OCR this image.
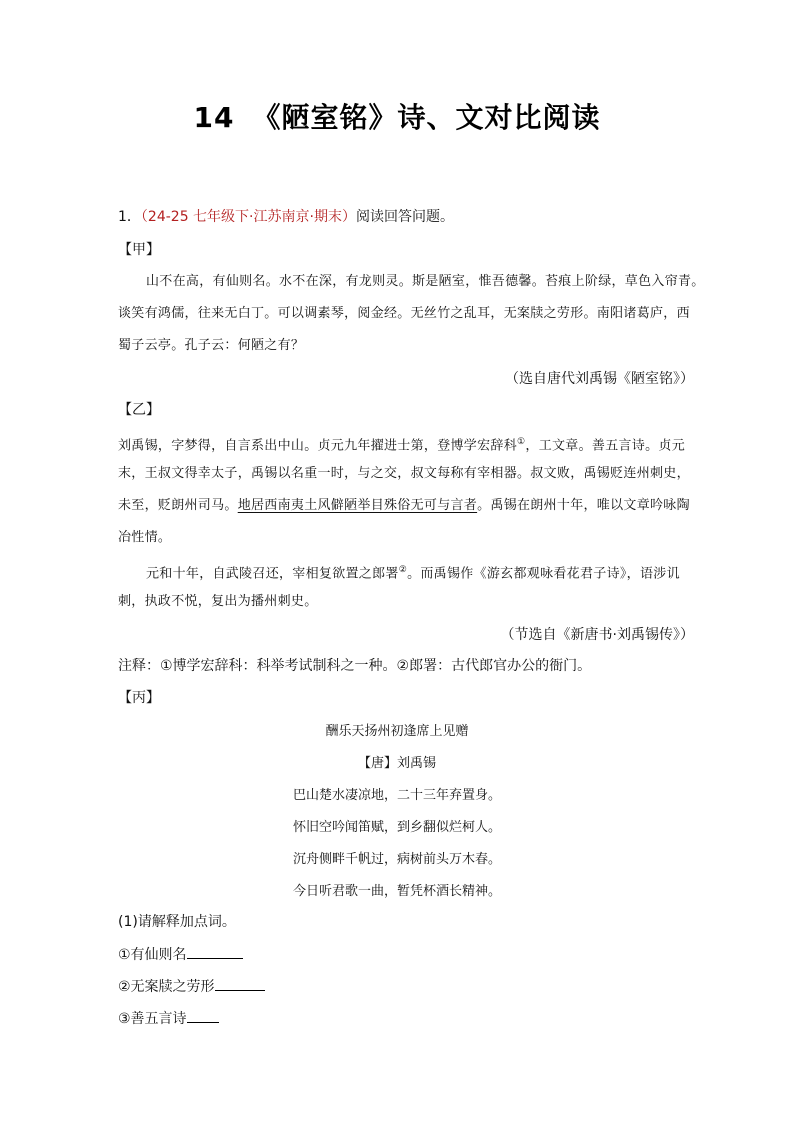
14 《陋室铭》诗、文对比阅读
1．（24-25 七年级下·江苏南京·期末）阅读回答问题。
【甲】
山不在高，有仙则名。水不在深，有龙则灵。斯是陋室，惟吾德馨。苔痕上阶绿，草色入帘青。
谈笑有鸿儒，往来无白丁。可以调素琴，阅金经。无丝竹之乱耳，无案牍之劳形。南阳诸葛庐，西
蜀子云亭。孔子云：何陋之有？
（选自唐代刘禹锡《陋室铭》）
【乙】
刘禹锡，字梦得，自言系出中山。贞元九年擢进士第，登博学宏辞科①，工文章。善五言诗。贞元
末，王叔文得幸太子，禹锡以名重一时，与之交，叔文每称有宰相器。叔文败，禹锡贬连州刺史，
未至，贬朗州司马。地居西南夷土风僻陋举目殊俗无可与言者。禹锡在朗州十年，唯以文章吟咏陶
冶性情。
元和十年，自武陵召还，宰相复欲置之郎署②。而禹锡作《游玄都观咏看花君子诗》，语涉讥
刺，执政不悦，复出为播州刺史。
（节选自《新唐书·刘禹锡传》）
注释：①博学宏辞科：科举考试制科之一种。②郎署：古代郎官办公的衙门。
【丙】
酬乐天扬州初逢席上见赠
【唐】刘禹锡
巴山楚水凄凉地，二十三年弃置身。
怀旧空吟闻笛赋，到乡翻似烂柯人。
沉舟侧畔千帆过，病树前头万木春。
今日听君歌一曲，暂凭杯酒长精神。
(1)请解释加点词。
①有仙则名
②无案牍之劳形
③善五言诗
